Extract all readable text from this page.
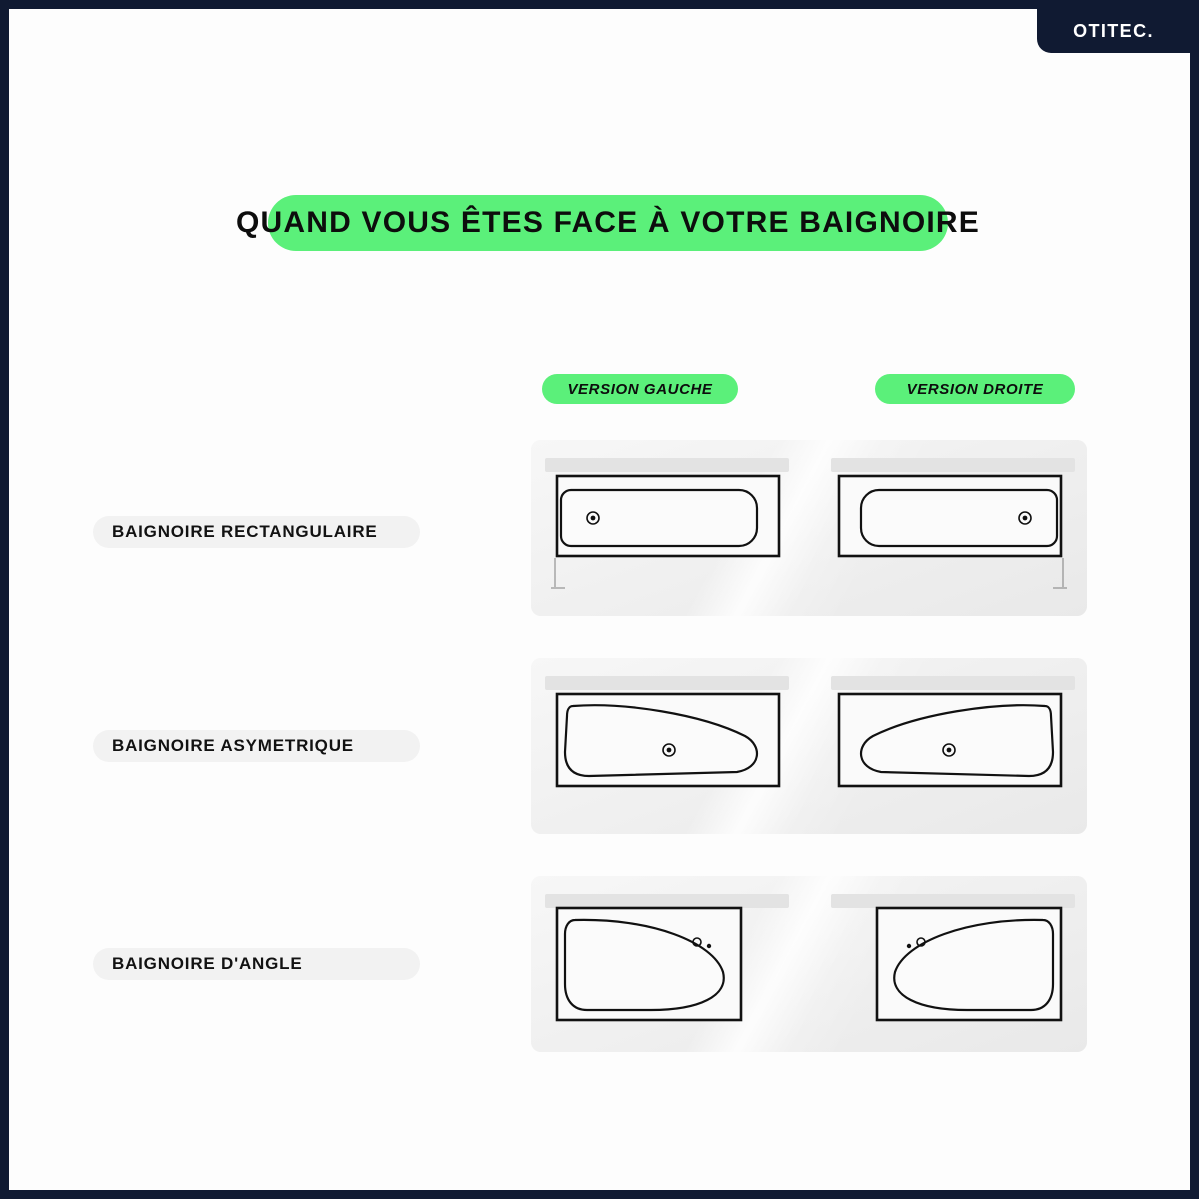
OTITEC.
QUAND VOUS ÊTES FACE À VOTRE BAIGNOIRE
VERSION GAUCHE	VERSION DROITE
BAIGNOIRE RECTANGULAIRE
BAIGNOIRE ASYMETRIQUE
BAIGNOIRE D'ANGLE
